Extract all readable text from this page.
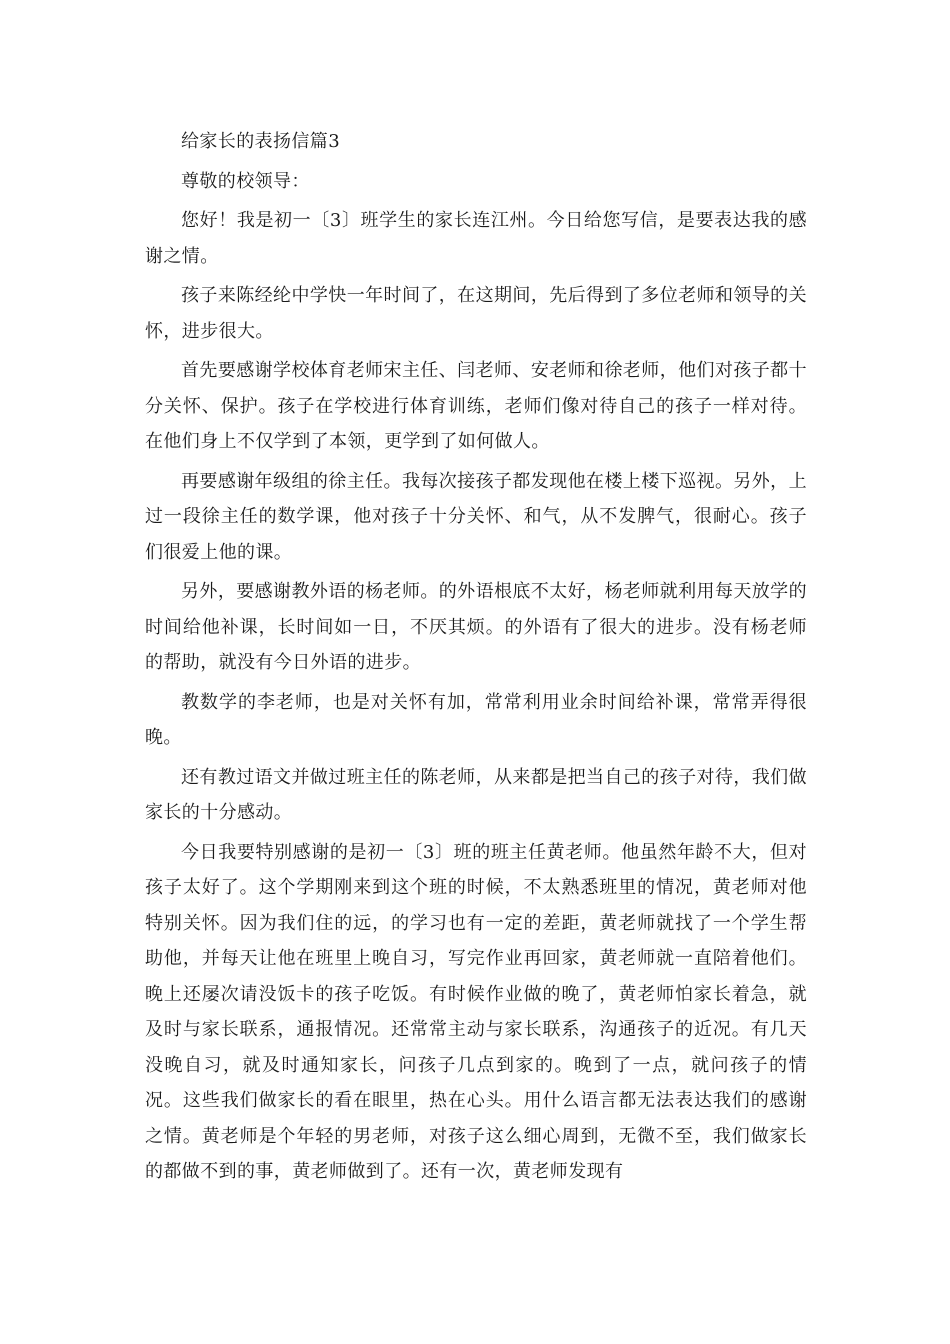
给家长的表扬信篇3

尊敬的校领导：

您好！我是初一〔3〕班学生的家长连江州。今日给您写信，是要表达我的感谢之情。

孩子来陈经纶中学快一年时间了，在这期间，先后得到了多位老师和领导的关怀，进步很大。

首先要感谢学校体育老师宋主任、闫老师、安老师和徐老师，他们对孩子都十分关怀、保护。孩子在学校进行体育训练，老师们像对待自己的孩子一样对待。在他们身上不仅学到了本领，更学到了如何做人。

再要感谢年级组的徐主任。我每次接孩子都发现他在楼上楼下巡视。另外，上过一段徐主任的数学课，他对孩子十分关怀、和气，从不发脾气，很耐心。孩子们很爱上他的课。

另外，要感谢教外语的杨老师。的外语根底不太好，杨老师就利用每天放学的时间给他补课，长时间如一日，不厌其烦。的外语有了很大的进步。没有杨老师的帮助，就没有今日外语的进步。

教数学的李老师，也是对关怀有加，常常利用业余时间给补课，常常弄得很晚。

还有教过语文并做过班主任的陈老师，从来都是把当自己的孩子对待，我们做家长的十分感动。

今日我要特别感谢的是初一〔3〕班的班主任黄老师。他虽然年龄不大，但对孩子太好了。这个学期刚来到这个班的时候，不太熟悉班里的情况，黄老师对他特别关怀。因为我们住的远，的学习也有一定的差距，黄老师就找了一个学生帮助他，并每天让他在班里上晚自习，写完作业再回家，黄老师就一直陪着他们。晚上还屡次请没饭卡的孩子吃饭。有时候作业做的晚了，黄老师怕家长着急，就及时与家长联系，通报情况。还常常主动与家长联系，沟通孩子的近况。有几天没晚自习，就及时通知家长，问孩子几点到家的。晚到了一点，就问孩子的情况。这些我们做家长的看在眼里，热在心头。用什么语言都无法表达我们的感谢之情。黄老师是个年轻的男老师，对孩子这么细心周到，无微不至，我们做家长的都做不到的事，黄老师做到了。还有一次，黄老师发现有
